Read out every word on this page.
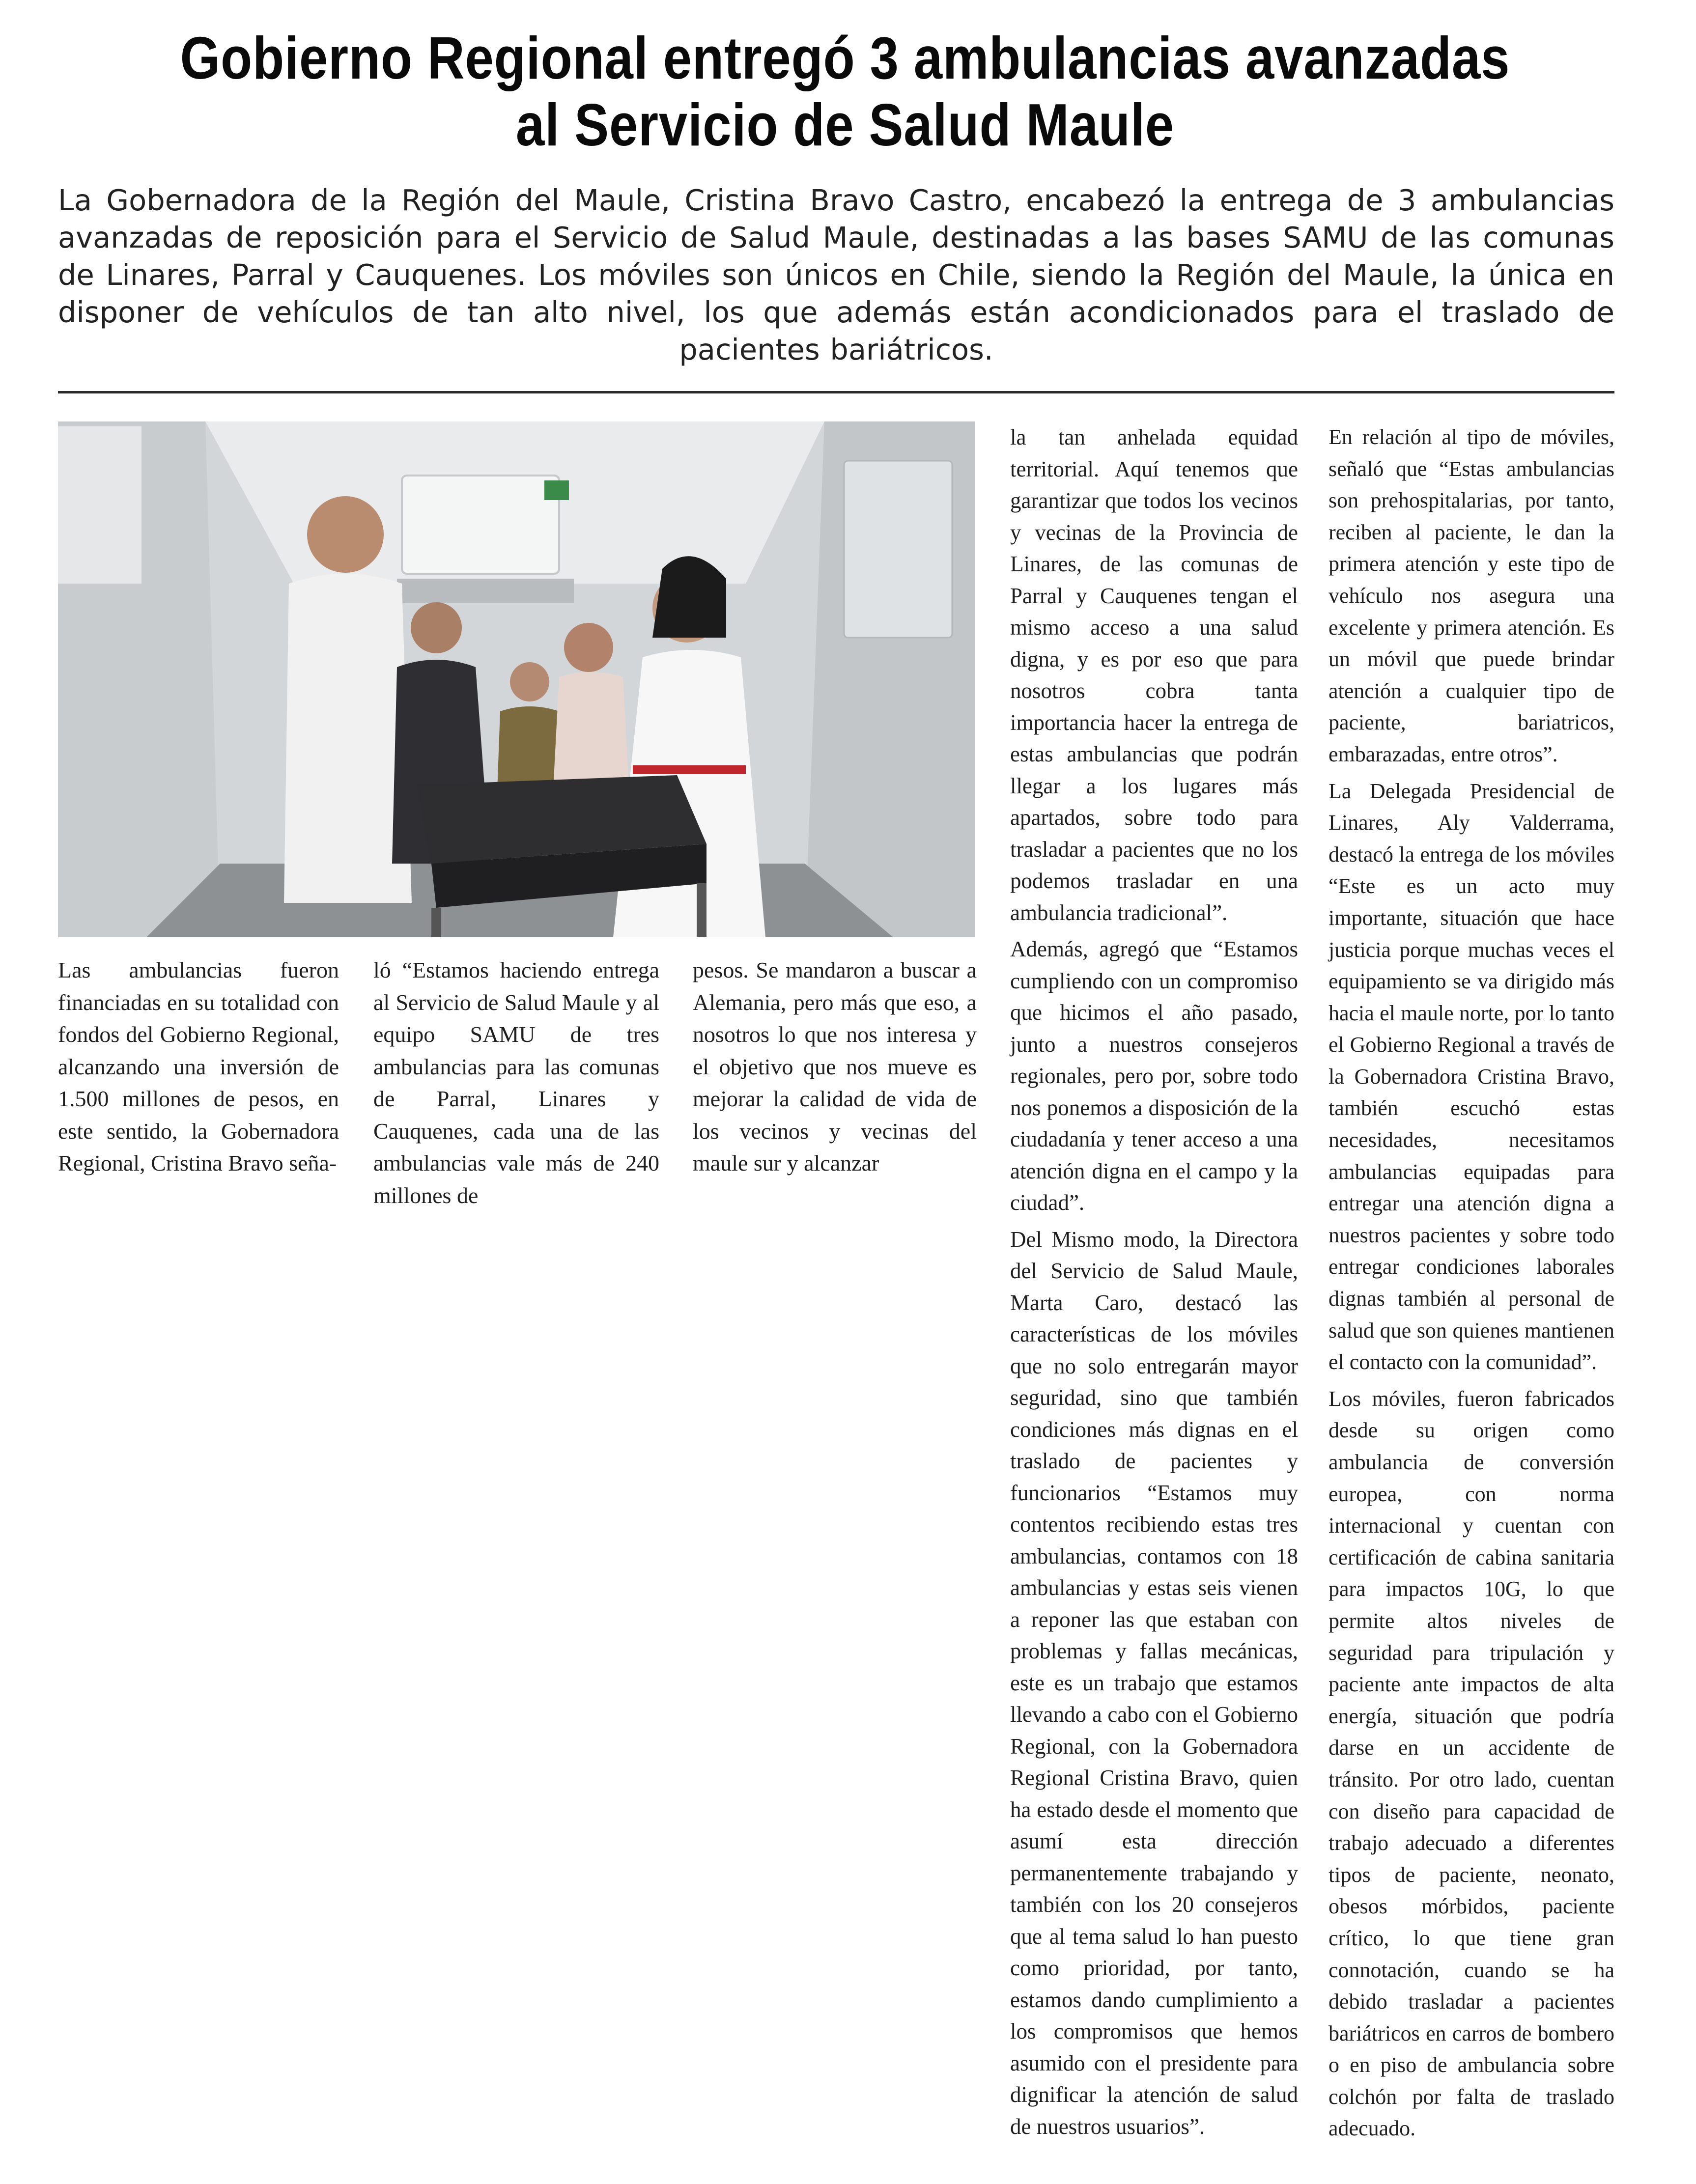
Gobierno Regional entregó 3 ambulancias avanzadas al Servicio de Salud Maule

La Gobernadora de la Región del Maule, Cristina Bravo Castro, encabezó la entrega de 3 ambulancias avanzadas de reposición para el Servicio de Salud Maule, destinadas a las bases SAMU de las comunas de Linares, Parral y Cauquenes. Los móviles son únicos en Chile, siendo la Región del Maule, la única en disponer de vehículos de tan alto nivel, los que además están acondicionados para el traslado de pacientes bariátricos.

Las ambulancias fueron financiadas en su totalidad con fondos del Gobierno Regional, alcanzando una inversión de 1.500 millones de pesos, en este sentido, la Gobernadora Regional, Cristina Bravo seña-

ló “Estamos haciendo entrega al Servicio de Salud Maule y al equipo SAMU de tres ambulancias para las comunas de Parral, Linares y Cauquenes, cada una de las ambulancias vale más de 240 millones de

pesos. Se mandaron a buscar a Alemania, pero más que eso, a nosotros lo que nos interesa y el objetivo que nos mueve es mejorar la calidad de vida de los vecinos y vecinas del maule sur y alcanzar

la tan anhelada equidad territorial. Aquí tenemos que garantizar que todos los vecinos y vecinas de la Provincia de Linares, de las comunas de Parral y Cauquenes tengan el mismo acceso a una salud digna, y es por eso que para nosotros cobra tanta importancia hacer la entrega de estas ambulancias que podrán llegar a los lugares más apartados, sobre todo para trasladar a pacientes que no los podemos trasladar en una ambulancia tradicional”.

Además, agregó que “Estamos cumpliendo con un compromiso que hicimos el año pasado, junto a nuestros consejeros regionales, pero por, sobre todo nos ponemos a disposición de la ciudadanía y tener acceso a una atención digna en el campo y la ciudad”.

Del Mismo modo, la Directora del Servicio de Salud Maule, Marta Caro, destacó las características de los móviles que no solo entregarán mayor seguridad, sino que también condiciones más dignas en el traslado de pacientes y funcionarios “Estamos muy contentos recibiendo estas tres ambulancias, contamos con 18 ambulancias y estas seis vienen a reponer las que estaban con problemas y fallas mecánicas, este es un trabajo que estamos llevando a cabo con el Gobierno Regional, con la Gobernadora Regional Cristina Bravo, quien ha estado desde el momento que asumí esta dirección permanentemente trabajando y también con los 20 consejeros que al tema salud lo han puesto como prioridad, por tanto, estamos dando cumplimiento a los compromisos que hemos asumido con el presidente para dignificar la atención de salud de nuestros usuarios”.

En relación al tipo de móviles, señaló que “Estas ambulancias son prehospitalarias, por tanto, reciben al paciente, le dan la primera atención y este tipo de vehículo nos asegura una excelente y primera atención. Es un móvil que puede brindar atención a cualquier tipo de paciente, bariatricos, embarazadas, entre otros”.

La Delegada Presidencial de Linares, Aly Valderrama, destacó la entrega de los móviles “Este es un acto muy importante, situación que hace justicia porque muchas veces el equipamiento se va dirigido más hacia el maule norte, por lo tanto el Gobierno Regional a través de la Gobernadora Cristina Bravo, también escuchó estas necesidades, necesitamos ambulancias equipadas para entregar una atención digna a nuestros pacientes y sobre todo entregar condiciones laborales dignas también al personal de salud que son quienes mantienen el contacto con la comunidad”.

Los móviles, fueron fabricados desde su origen como ambulancia de conversión europea, con norma internacional y cuentan con certificación de cabina sanitaria para impactos 10G, lo que permite altos niveles de seguridad para tripulación y paciente ante impactos de alta energía, situación que podría darse en un accidente de tránsito. Por otro lado, cuentan con diseño para capacidad de trabajo adecuado a diferentes tipos de paciente, neonato, obesos mórbidos, paciente crítico, lo que tiene gran connotación, cuando se ha debido trasladar a pacientes bariátricos en carros de bombero o en piso de ambulancia sobre colchón por falta de traslado adecuado.
